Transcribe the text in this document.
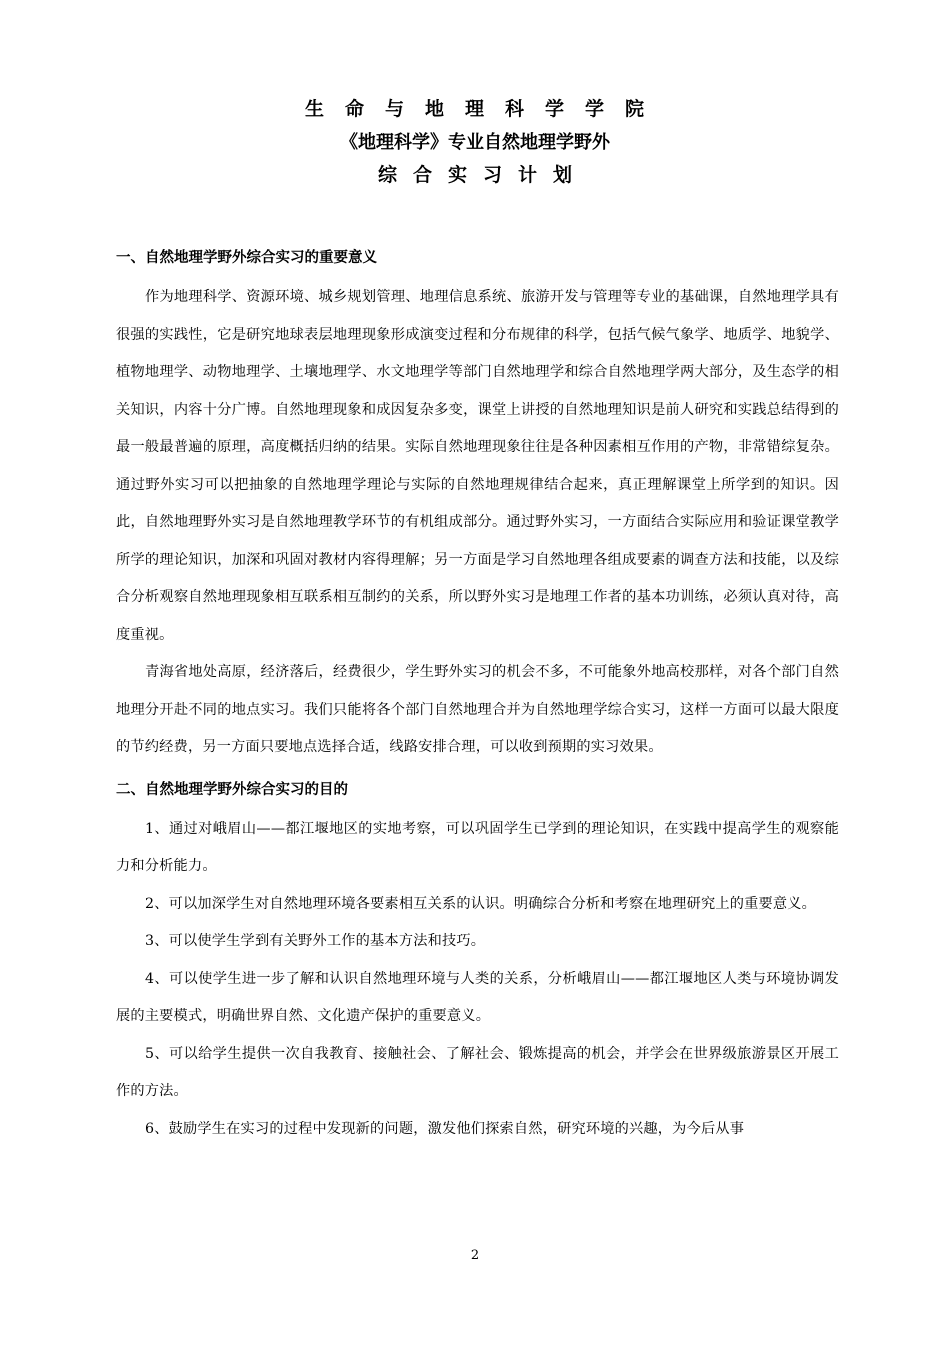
生命与地理科学学院
《地理科学》专业自然地理学野外
综合实习计划

一、自然地理学野外综合实习的重要意义

作为地理科学、资源环境、城乡规划管理、地理信息系统、旅游开发与管理等专业的基础课，自然地理学具有很强的实践性，它是研究地球表层地理现象形成演变过程和分布规律的科学，包括气候气象学、地质学、地貌学、植物地理学、动物地理学、土壤地理学、水文地理学等部门自然地理学和综合自然地理学两大部分，及生态学的相关知识，内容十分广博。自然地理现象和成因复杂多变，课堂上讲授的自然地理知识是前人研究和实践总结得到的最一般最普遍的原理，高度概括归纳的结果。实际自然地理现象往往是各种因素相互作用的产物，非常错综复杂。通过野外实习可以把抽象的自然地理学理论与实际的自然地理规律结合起来，真正理解课堂上所学到的知识。因此，自然地理野外实习是自然地理教学环节的有机组成部分。通过野外实习，一方面结合实际应用和验证课堂教学所学的理论知识，加深和巩固对教材内容得理解；另一方面是学习自然地理各组成要素的调查方法和技能，以及综合分析观察自然地理现象相互联系相互制约的关系，所以野外实习是地理工作者的基本功训练，必须认真对待，高度重视。

青海省地处高原，经济落后，经费很少，学生野外实习的机会不多，不可能象外地高校那样，对各个部门自然地理分开赴不同的地点实习。我们只能将各个部门自然地理合并为自然地理学综合实习，这样一方面可以最大限度的节约经费，另一方面只要地点选择合适，线路安排合理，可以收到预期的实习效果。

二、自然地理学野外综合实习的目的

1、通过对峨眉山——都江堰地区的实地考察，可以巩固学生已学到的理论知识，在实践中提高学生的观察能力和分析能力。

2、可以加深学生对自然地理环境各要素相互关系的认识。明确综合分析和考察在地理研究上的重要意义。

3、可以使学生学到有关野外工作的基本方法和技巧。

4、可以使学生进一步了解和认识自然地理环境与人类的关系，分析峨眉山——都江堰地区人类与环境协调发展的主要模式，明确世界自然、文化遗产保护的重要意义。

5、可以给学生提供一次自我教育、接触社会、了解社会、锻炼提高的机会，并学会在世界级旅游景区开展工作的方法。

6、鼓励学生在实习的过程中发现新的问题，激发他们探索自然，研究环境的兴趣，为今后从事

2
